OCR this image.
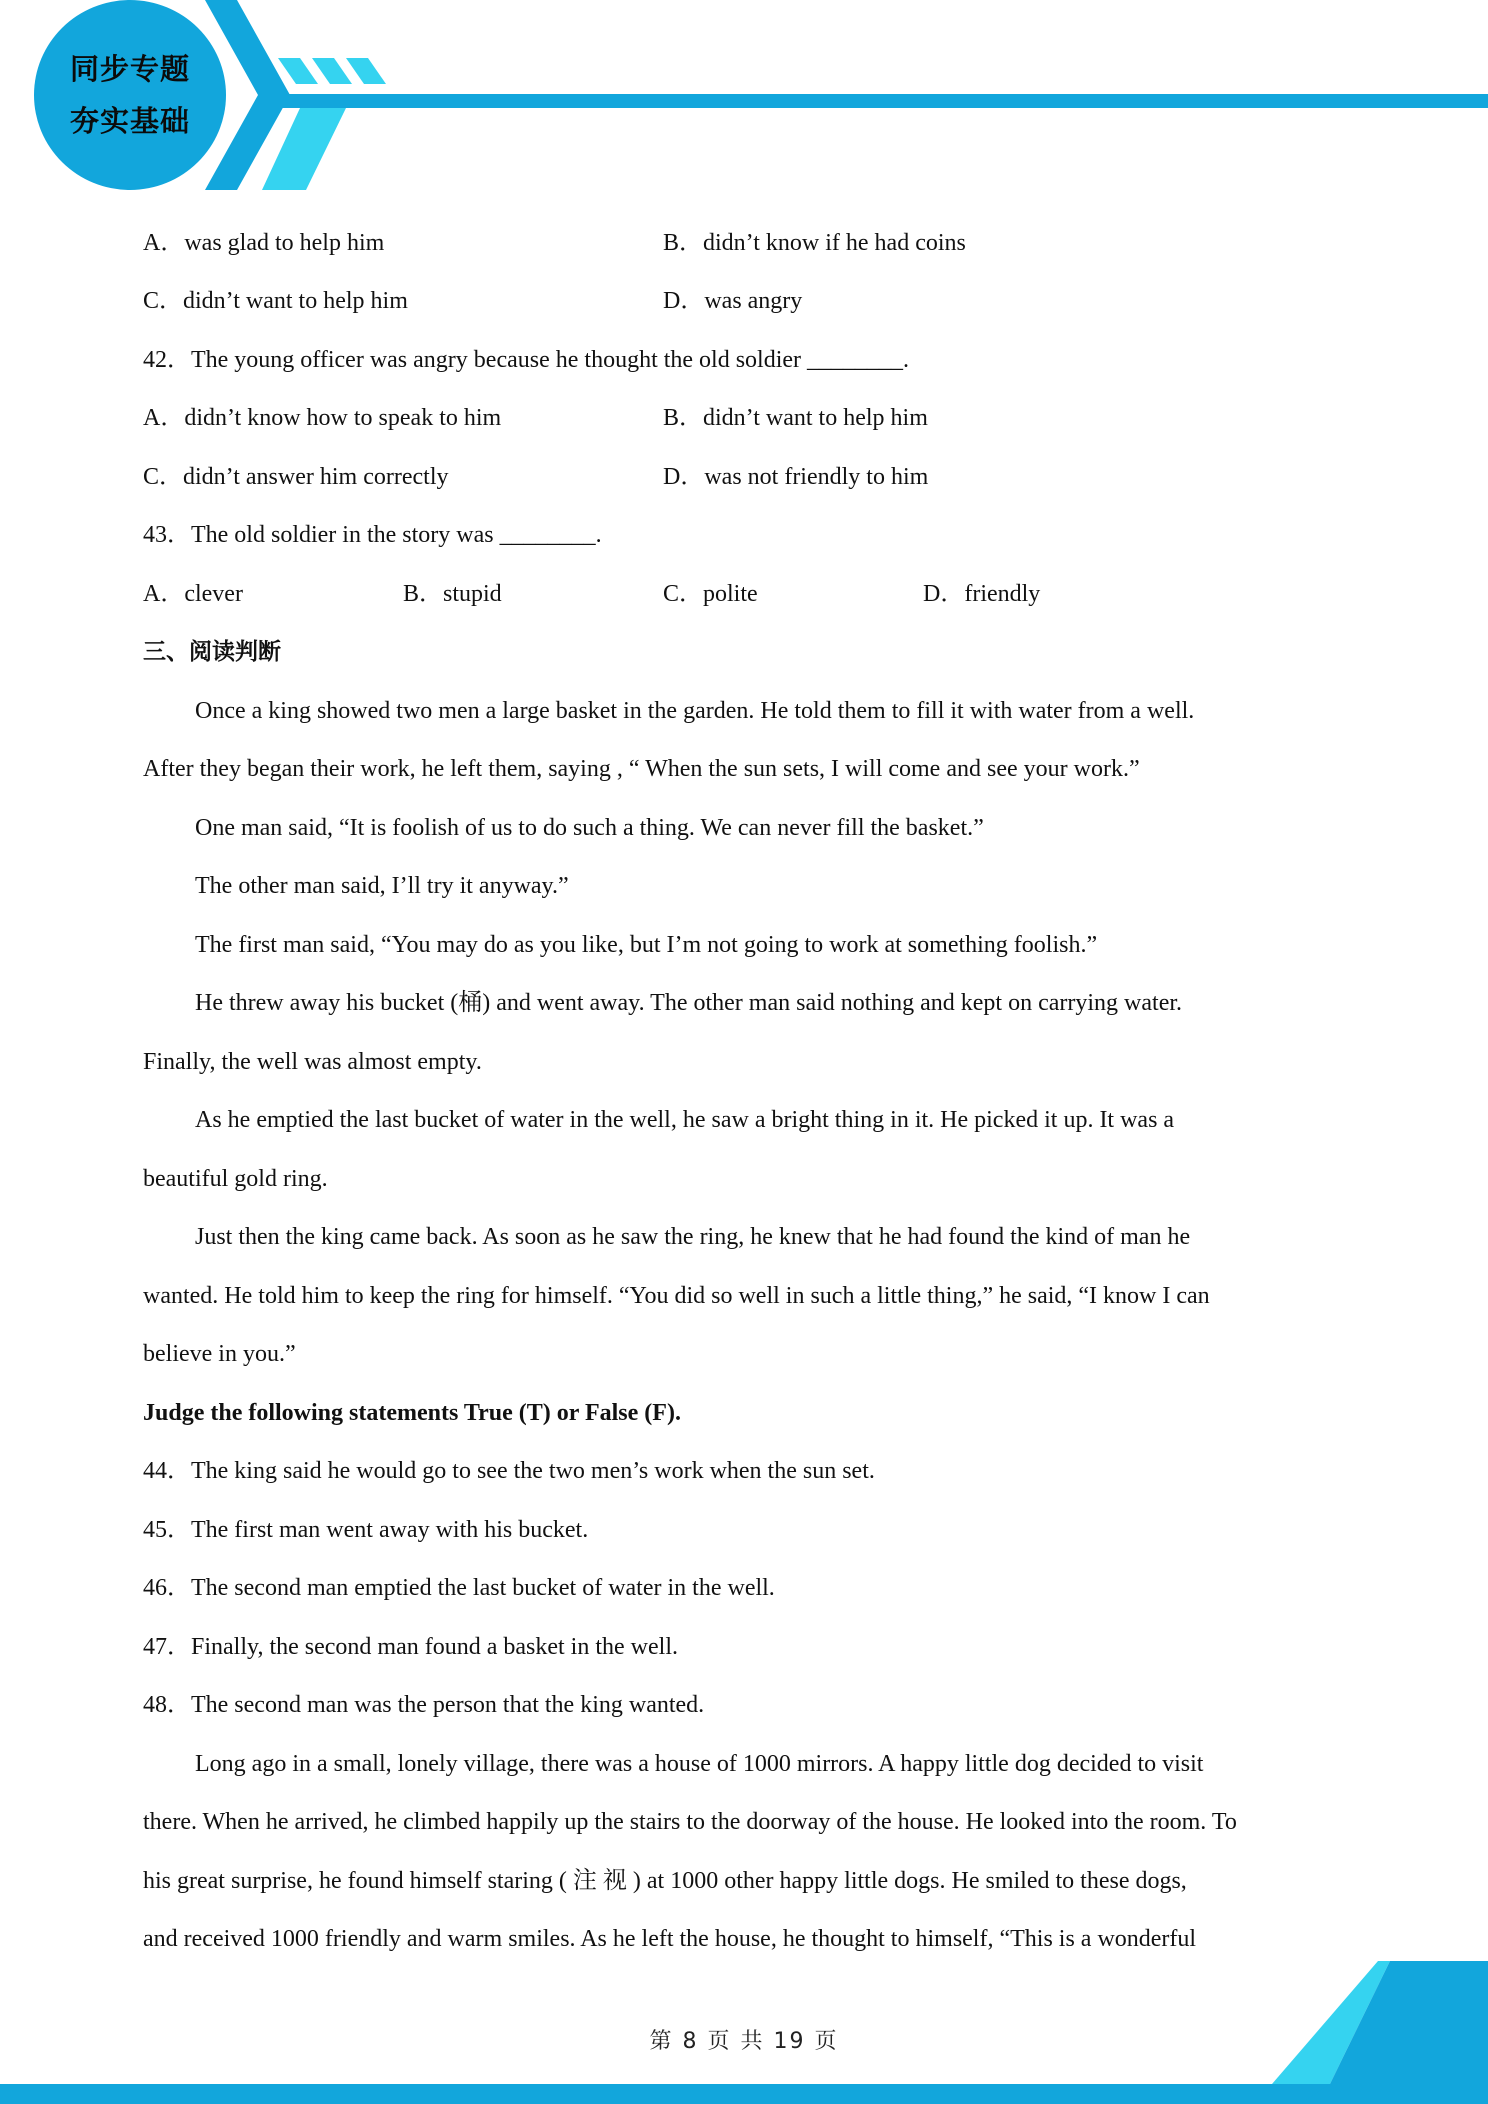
同步专题
夯实基础
A．was glad to help him	B．didn’t know if he had coins
C．didn’t want to help him	D．was angry
42．The young officer was angry because he thought the old soldier ________.
A．didn’t know how to speak to him	B．didn’t want to help him
C．didn’t answer him correctly	D．was not friendly to him
43．The old soldier in the story was ________.
A．clever	B．stupid	C．polite	D．friendly
三、阅读判断
Once a king showed two men a large basket in the garden. He told them to fill it with water from a well.
After they began their work, he left them, saying , “ When the sun sets, I will come and see your work.”
One man said, “It is foolish of us to do such a thing. We can never fill the basket.”
The other man said, I’ll try it anyway.”
The first man said, “You may do as you like, but I’m not going to work at something foolish.”
He threw away his bucket (桶) and went away. The other man said nothing and kept on carrying water.
Finally, the well was almost empty.
As he emptied the last bucket of water in the well, he saw a bright thing in it. He picked it up. It was a
beautiful gold ring.
Just then the king came back. As soon as he saw the ring, he knew that he had found the kind of man he
wanted. He told him to keep the ring for himself. “You did so well in such a little thing,” he said, “I know I can
believe in you.”
Judge the following statements True (T) or False (F).
44．The king said he would go to see the two men’s work when the sun set.
45．The first man went away with his bucket.
46．The second man emptied the last bucket of water in the well.
47．Finally, the second man found a basket in the well.
48．The second man was the person that the king wanted.
Long ago in a small, lonely village, there was a house of 1000 mirrors. A happy little dog decided to visit
there. When he arrived, he climbed happily up the stairs to the doorway of the house. He looked into the room. To
his great surprise, he found himself staring ( 注 视 ) at 1000 other happy little dogs. He smiled to these dogs,
and received 1000 friendly and warm smiles. As he left the house, he thought to himself, “This is a wonderful
第 8 页 共 19 页
